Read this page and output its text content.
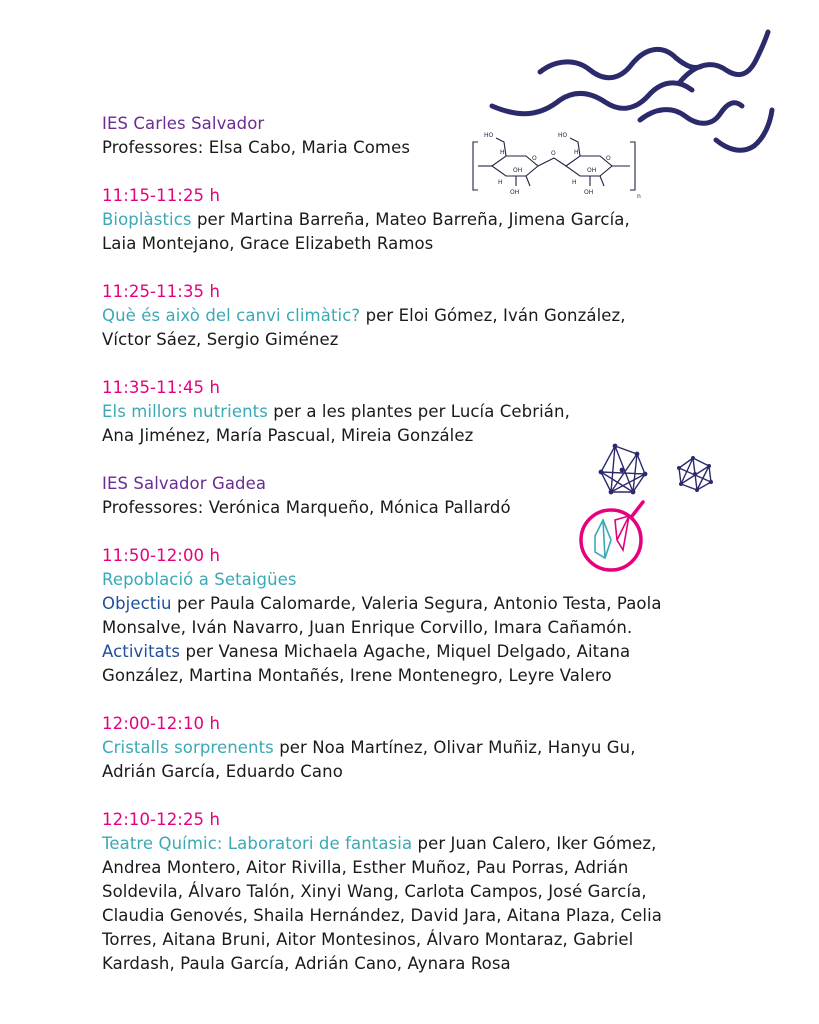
HO	HO
OH	OH
OH	OH
O	O
O
H	H
H	H
n
IES Carles Salvador
Professores: Elsa Cabo, Maria Comes
11:15-11:25 h
Bioplàstics per Martina Barreña, Mateo Barreña, Jimena García,
Laia Montejano, Grace Elizabeth Ramos
11:25-11:35 h
Què és això del canvi climàtic? per Eloi Gómez, Iván González,
Víctor Sáez, Sergio Giménez
11:35-11:45 h
Els millors nutrients per a les plantes per Lucía Cebrián,
Ana Jiménez, María Pascual, Mireia González
IES Salvador Gadea
Professores: Verónica Marqueño, Mónica Pallardó
11:50-12:00 h
Repoblació a Setaigües
Objectiu per Paula Calomarde, Valeria Segura, Antonio Testa, Paola
Monsalve, Iván Navarro, Juan Enrique Corvillo, Imara Cañamón.
Activitats per Vanesa Michaela Agache, Miquel Delgado, Aitana
González, Martina Montañés, Irene Montenegro, Leyre Valero
12:00-12:10 h
Cristalls sorprenents per Noa Martínez, Olivar Muñiz, Hanyu Gu,
Adrián García, Eduardo Cano
12:10-12:25 h
Teatre Químic: Laboratori de fantasia per Juan Calero, Iker Gómez,
Andrea Montero, Aitor Rivilla, Esther Muñoz, Pau Porras, Adrián
Soldevila, Álvaro Talón, Xinyi Wang, Carlota Campos, José García,
Claudia Genovés, Shaila Hernández, David Jara, Aitana Plaza, Celia
Torres, Aitana Bruni, Aitor Montesinos, Álvaro Montaraz, Gabriel
Kardash, Paula García, Adrián Cano, Aynara Rosa
